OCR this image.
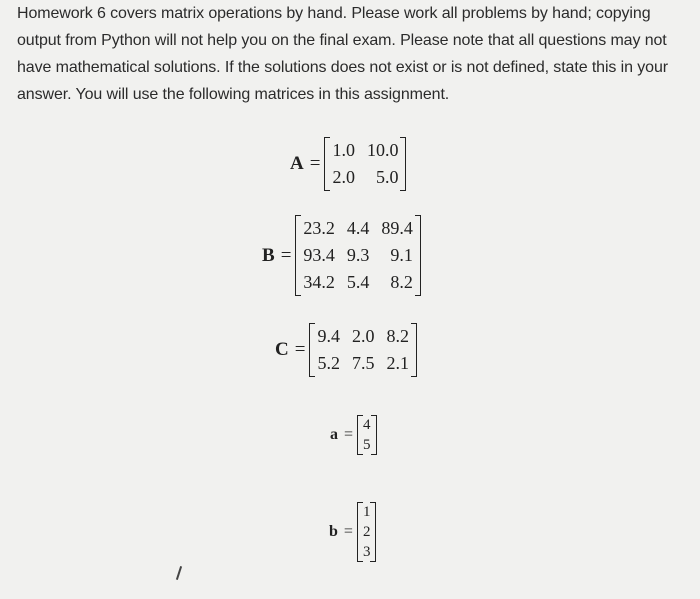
Homework 6 covers matrix operations by hand. Please work all problems by hand; copying
output from Python will not help you on the final exam. Please note that all questions may not
have mathematical solutions. If the solutions does not exist or is not defined, state this in your
answer. You will use the following matrices in this assignment.
A =
1.0	10.0
2.0	5.0
B =
23.2	4.4	89.4
93.4	9.3	9.1
34.2	5.4	8.2
C =
9.4	2.0	8.2
5.2	7.5	2.1
a =
4
5
b =
1
2
3
